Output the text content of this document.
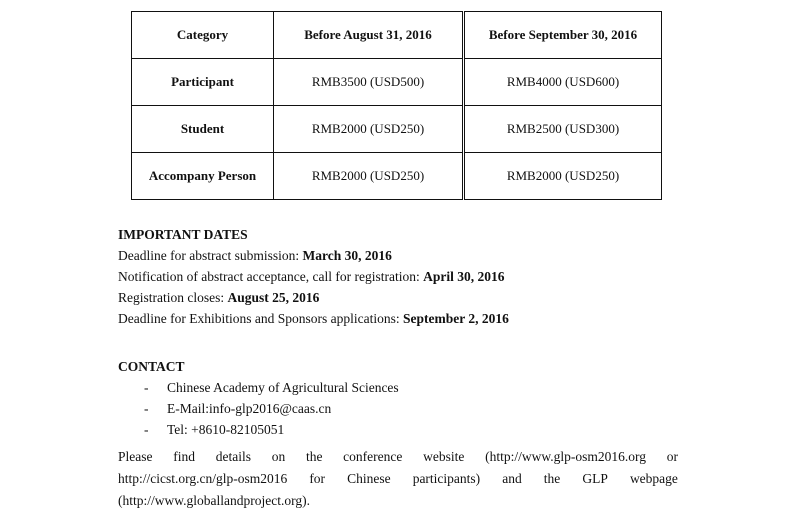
Category	Before August 31, 2016	Before September 30, 2016
Participant	RMB3500 (USD500)	RMB4000 (USD600)
Student	RMB2000 (USD250)	RMB2500 (USD300)
Accompany Person	RMB2000 (USD250)	RMB2000 (USD250)
IMPORTANT DATES
Deadline for abstract submission: March 30, 2016
Notification of abstract acceptance, call for registration: April 30, 2016
Registration closes: August 25, 2016
Deadline for Exhibitions and Sponsors applications: September 2, 2016
CONTACT
- Chinese Academy of Agricultural Sciences
- E-Mail:info-glp2016@caas.cn
- Tel: +8610-82105051
Please find details on the conference website (http://www.glp-osm2016.org or
http://cicst.org.cn/glp-osm2016 for Chinese participants) and the GLP webpage
(http://www.globallandproject.org).
